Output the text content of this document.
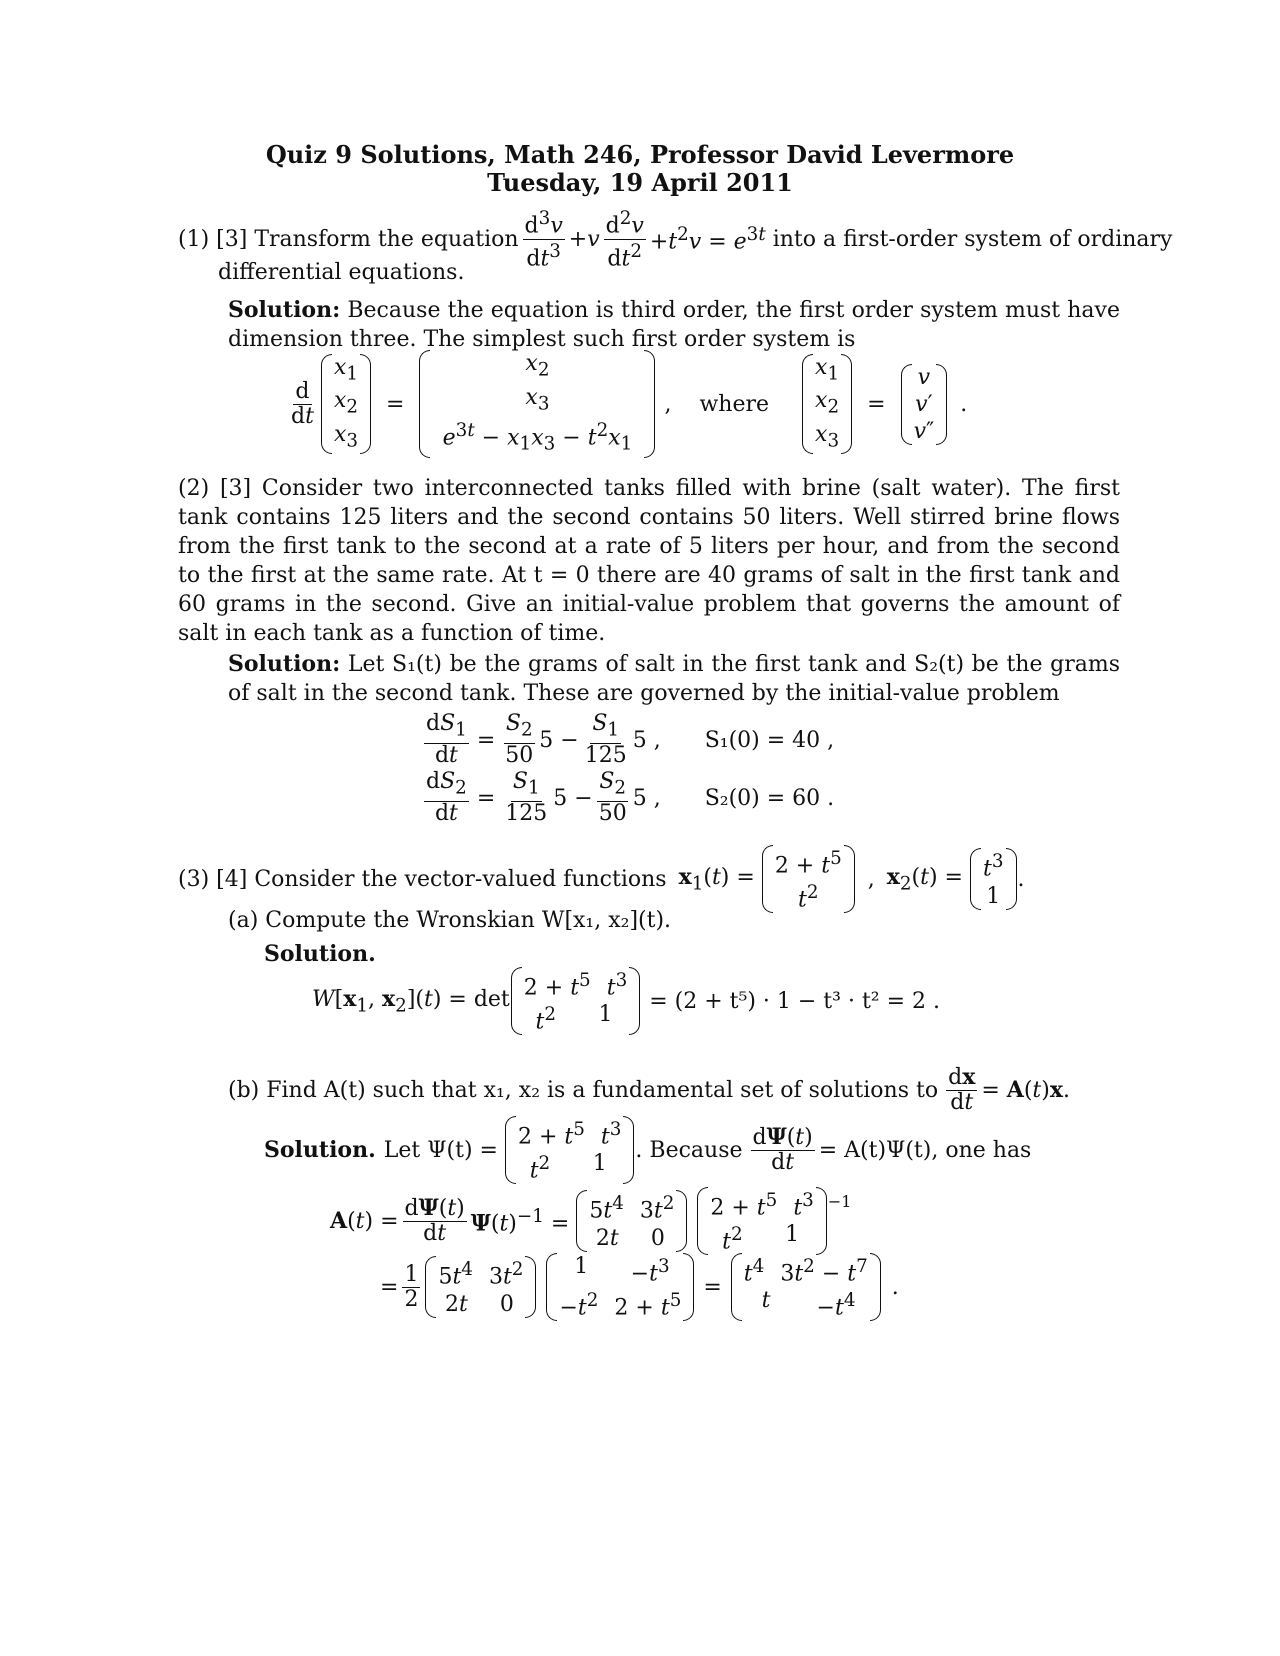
Quiz 9 Solutions, Math 246, Professor David Levermore
Tuesday, 19 April 2011
(1) [3] Transform the equation $\frac{d^3v}{dt^3} +v \frac{d^2v}{dt^2} +t^2v = e^{3t}$ into a first-order system of ordinary
differential equations.
Solution: Because the equation is third order, the first order system must have dimension three. The simplest such first order system is
$\frac{d}{dt}$
$x_1$
$x_2$
$x_3$
=
$x_2$
$x_3$
$e^{3t} - x_1x_3 - t^2x_1$
, where
$x_1$
$x_2$
$x_3$
=
v
v′
v″
.
(2) [3] Consider two interconnected tanks filled with brine (salt water). The first tank contains 125 liters and the second contains 50 liters. Well stirred brine flows from the first tank to the second at a rate of 5 liters per hour, and from the second to the first at the same rate. At t = 0 there are 40 grams of salt in the first tank and 60 grams in the second. Give an initial-value problem that governs the amount of salt in each tank as a function of time.
Solution: Let S₁(t) be the grams of salt in the first tank and S₂(t) be the grams of salt in the second tank. These are governed by the initial-value problem
$\frac{dS_1}{dt} = \frac{S_2}{50} 5 - \frac{S_1}{125} 5$ , S₁(0) = 40 ,
$\frac{dS_2}{dt} = \frac{S_1}{125} 5 - \frac{S_2}{50} 5$ , S₂(0) = 60 .
(3) [4] Consider the vector-valued functions $x_1(t) = 2 + t^5$
$t^2$
, $x_2(t) = t^3$
1
.
(a) Compute the Wronskian W[x₁, x₂](t).
Solution.
$W[x_1$, $x_2](t) = \det 2 + t^5$ $t^3$
$t^2$ 1
= (2 + t⁵) · 1 − t³ · t² = 2 .
(b) Find A(t) such that x₁, x₂ is a fundamental set of solutions to $\frac{dx}{dt} = A(t)x$.
Solution. Let Ψ(t) =
$2 + t^5$ $t^3$
$t^2$ 1
. Because $\frac{d\Psi(t)}{dt} = A(t)\Psi(t)$, one has
$A(t) = \frac{d\Psi(t)}{dt} \Psi(t)^{-1} = 5t^4$ $3t^2$
2t 0
$2 + t^5$ $t^3$
$t^2$ 1
−1
= $\frac{1}{2} 5t^4$ $3t^2$
2t 0
$1 -t^3$
$-t^2$ $2 + t^5$
=
$t^4$ $3t^2 - t^7$
$t -t^4$
.
